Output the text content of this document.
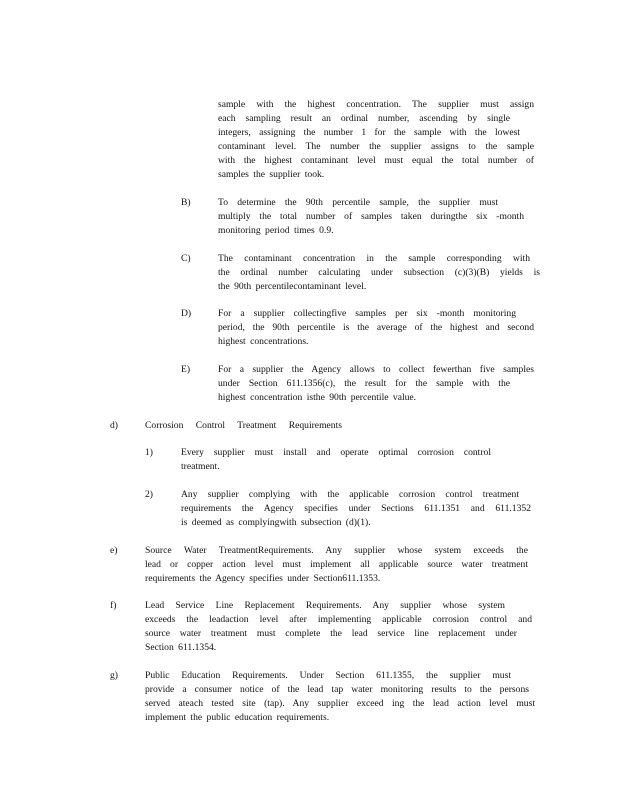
sample with the highest concentration. The supplier must assign
each sampling result an ordinal number, ascending by single
integers, assigning the number 1 for the sample with the lowest
contaminant level. The number the supplier assigns to the sample
with the highest contaminant level must equal the total number of
samples the supplier took.
B)	To determine the 90th percentile sample, the supplier must
multiply the total number of samples taken duringthe six -month
monitoring period times 0.9.
C)	The contaminant concentration in the sample corresponding with
the ordinal number calculating under subsection (c)(3)(B) yields is
the 90th percentilecontaminant level.
D)	For a supplier collectingfive samples per six -month monitoring
period, the 90th percentile is the average of the highest and second
highest concentrations.
E)	For a supplier the Agency allows to collect fewerthan five samples
under Section 611.1356(c), the result for the sample with the
highest concentration isthe 90th percentile value.
d)	Corrosion Control Treatment Requirements
1)	Every supplier must install and operate optimal corrosion control
treatment.
2)	Any supplier complying with the applicable corrosion control treatment
requirements the Agency specifies under Sections 611.1351 and 611.1352
is deemed as complyingwith subsection (d)(1).
e)	Source Water TreatmentRequirements. Any supplier whose system exceeds the
lead or copper action level must implement all applicable source water treatment
requirements the Agency specifies under Section611.1353.
f)	Lead Service Line Replacement Requirements. Any supplier whose system
exceeds the leadaction level after implementing applicable corrosion control and
source water treatment must complete the lead service line replacement under
Section 611.1354.
g)	Public Education Requirements. Under Section 611.1355, the supplier must
provide a consumer notice of the lead tap water monitoring results to the persons
served ateach tested site (tap). Any supplier exceed ing the lead action level must
implement the public education requirements.
